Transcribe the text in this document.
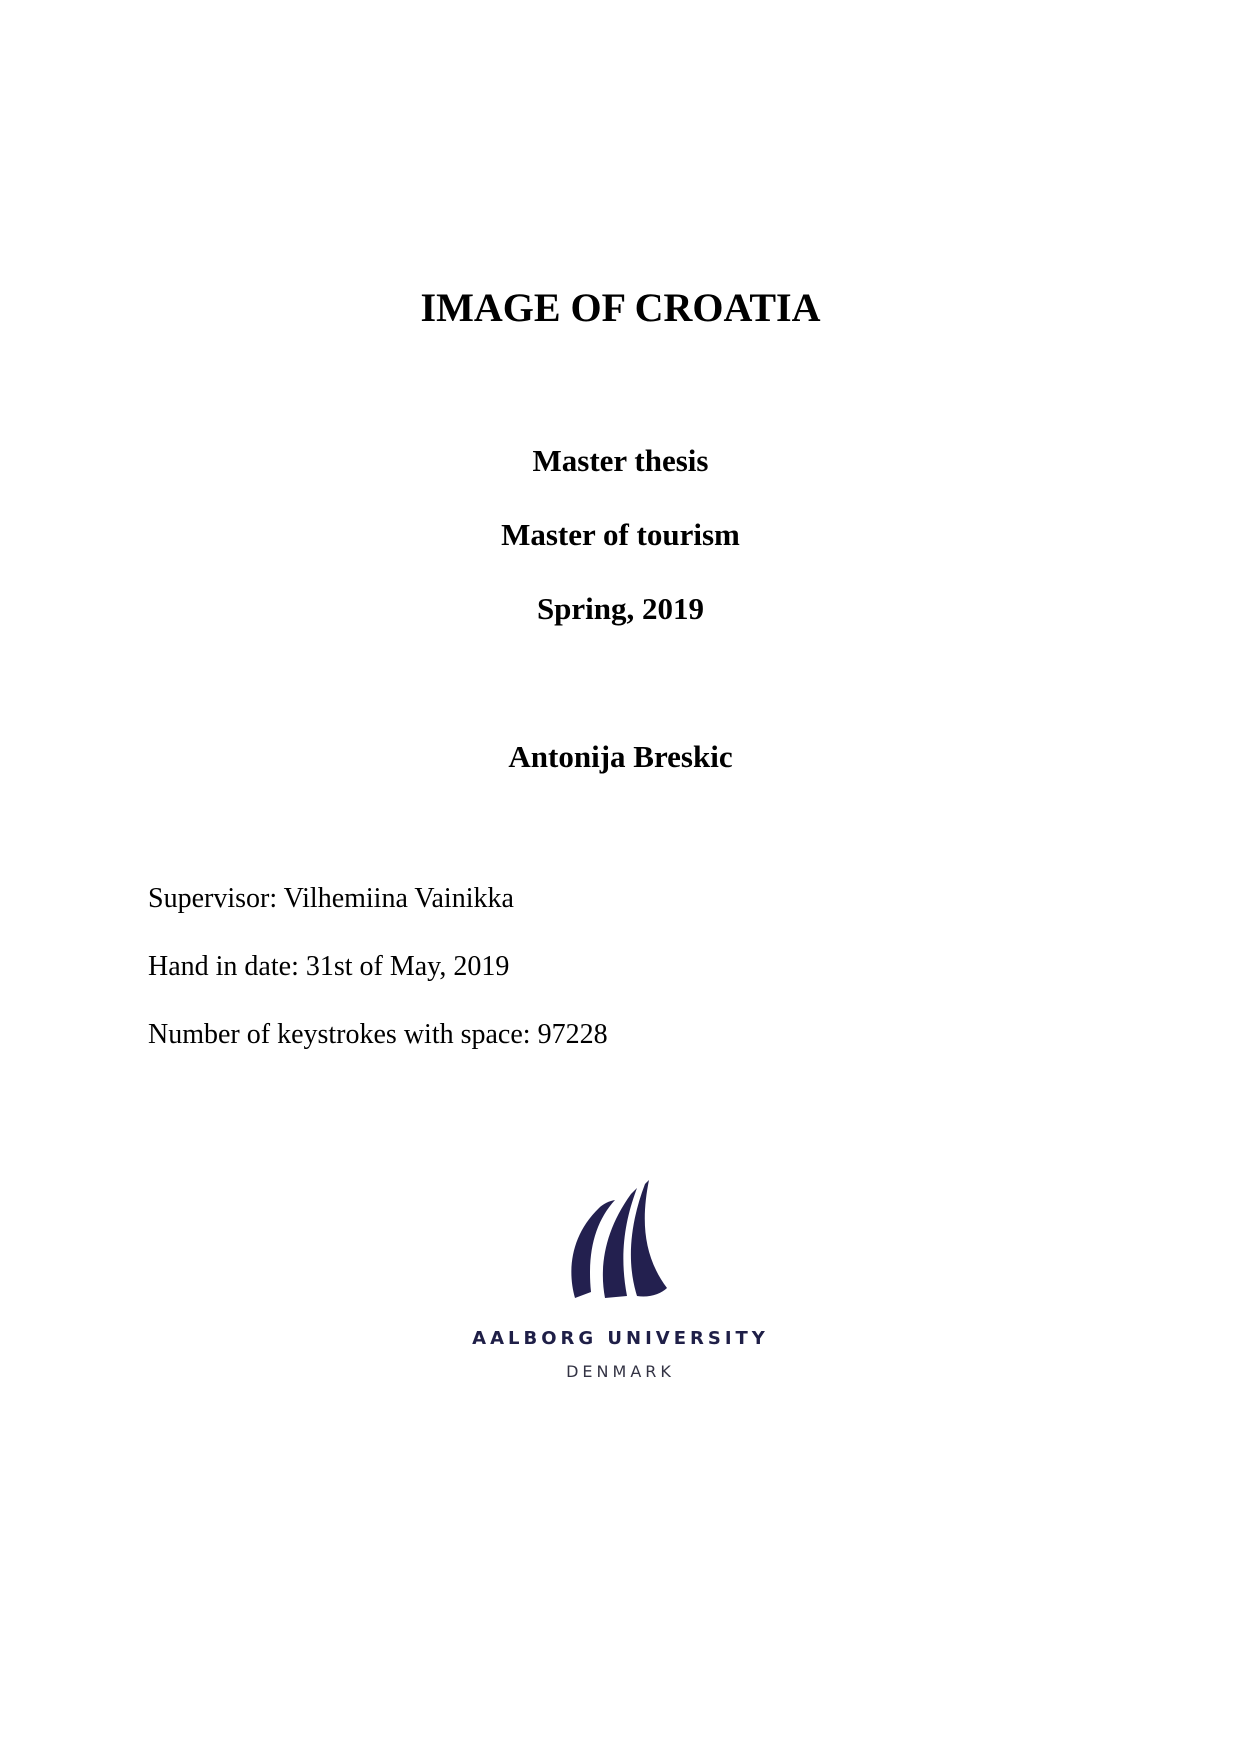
IMAGE OF CROATIA
Master thesis
Master of tourism
Spring, 2019
Antonija Breskic
Supervisor: Vilhemiina Vainikka
Hand in date: 31st of May, 2019
Number of keystrokes with space: 97228
AALBORG UNIVERSITY
DENMARK
